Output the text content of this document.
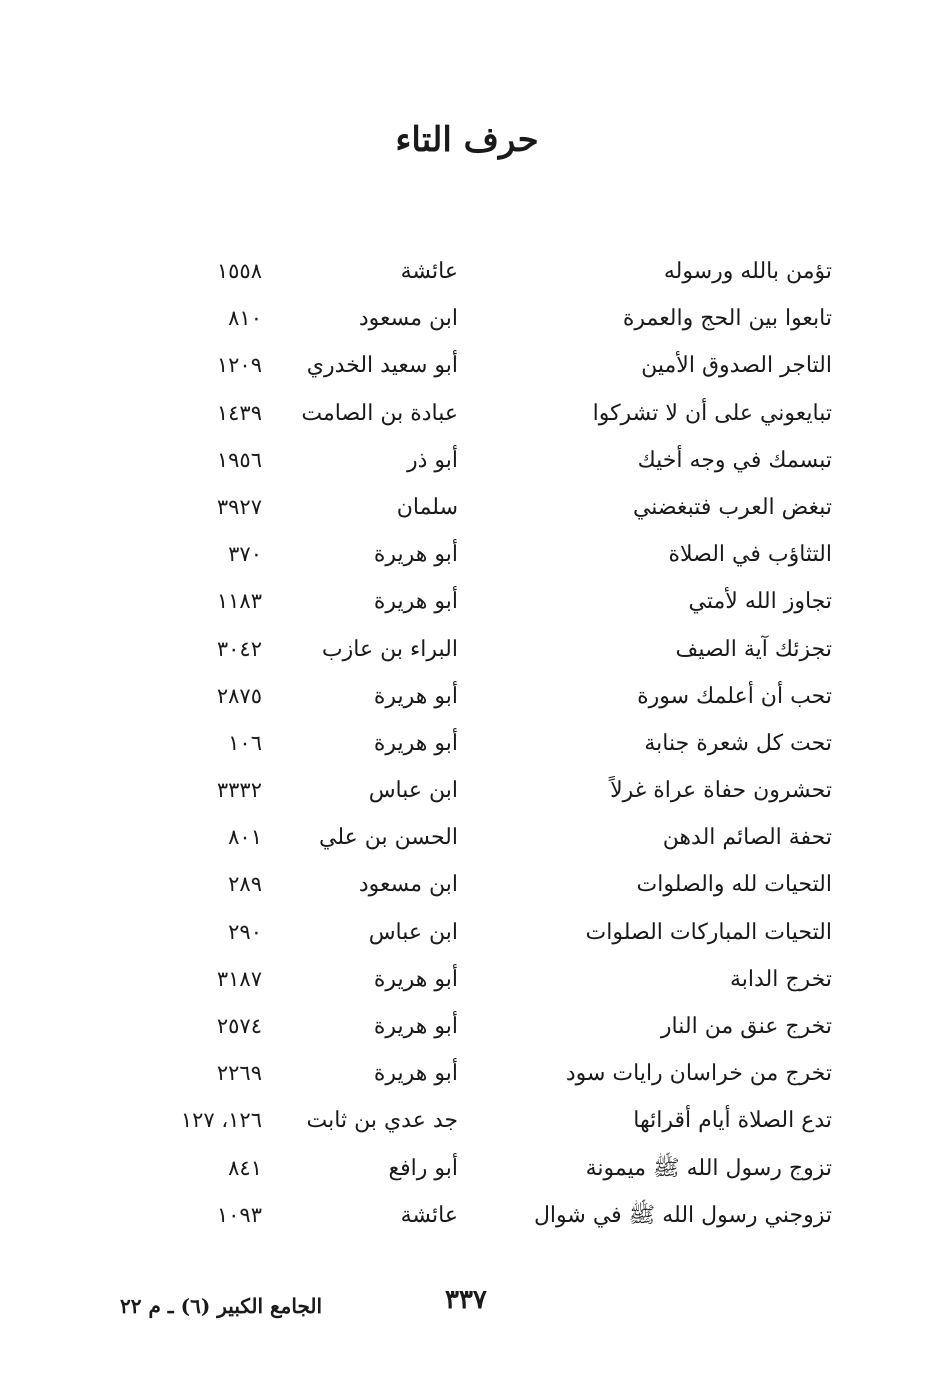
حرف التاء
تؤمن بالله ورسوله
عائشة
١٥٥٨
تابعوا بين الحج والعمرة
ابن مسعود
٨١٠
التاجر الصدوق الأمين
أبو سعيد الخدري
١٢٠٩
تبايعوني على أن لا تشركوا
عبادة بن الصامت
١٤٣٩
تبسمك في وجه أخيك
أبو ذر
١٩٥٦
تبغض العرب فتبغضني
سلمان
٣٩٢٧
التثاؤب في الصلاة
أبو هريرة
٣٧٠
تجاوز الله لأمتي
أبو هريرة
١١٨٣
تجزئك آية الصيف
البراء بن عازب
٣٠٤٢
تحب أن أعلمك سورة
أبو هريرة
٢٨٧٥
تحت كل شعرة جنابة
أبو هريرة
١٠٦
تحشرون حفاة عراة غرلاً
ابن عباس
٣٣٣٢
تحفة الصائم الدهن
الحسن بن علي
٨٠١
التحيات لله والصلوات
ابن مسعود
٢٨٩
التحيات المباركات الصلوات
ابن عباس
٢٩٠
تخرج الدابة
أبو هريرة
٣١٨٧
تخرج عنق من النار
أبو هريرة
٢٥٧٤
تخرج من خراسان رايات سود
أبو هريرة
٢٢٦٩
تدع الصلاة أيام أقرائها
جد عدي بن ثابت
١٢٦، ١٢٧
تزوج رسول الله ﷺ ميمونة
أبو رافع
٨٤١
تزوجني رسول الله ﷺ في شوال
عائشة
١٠٩٣
الجامع الكبير (٦) ـ م ٢٢	٣٣٧
